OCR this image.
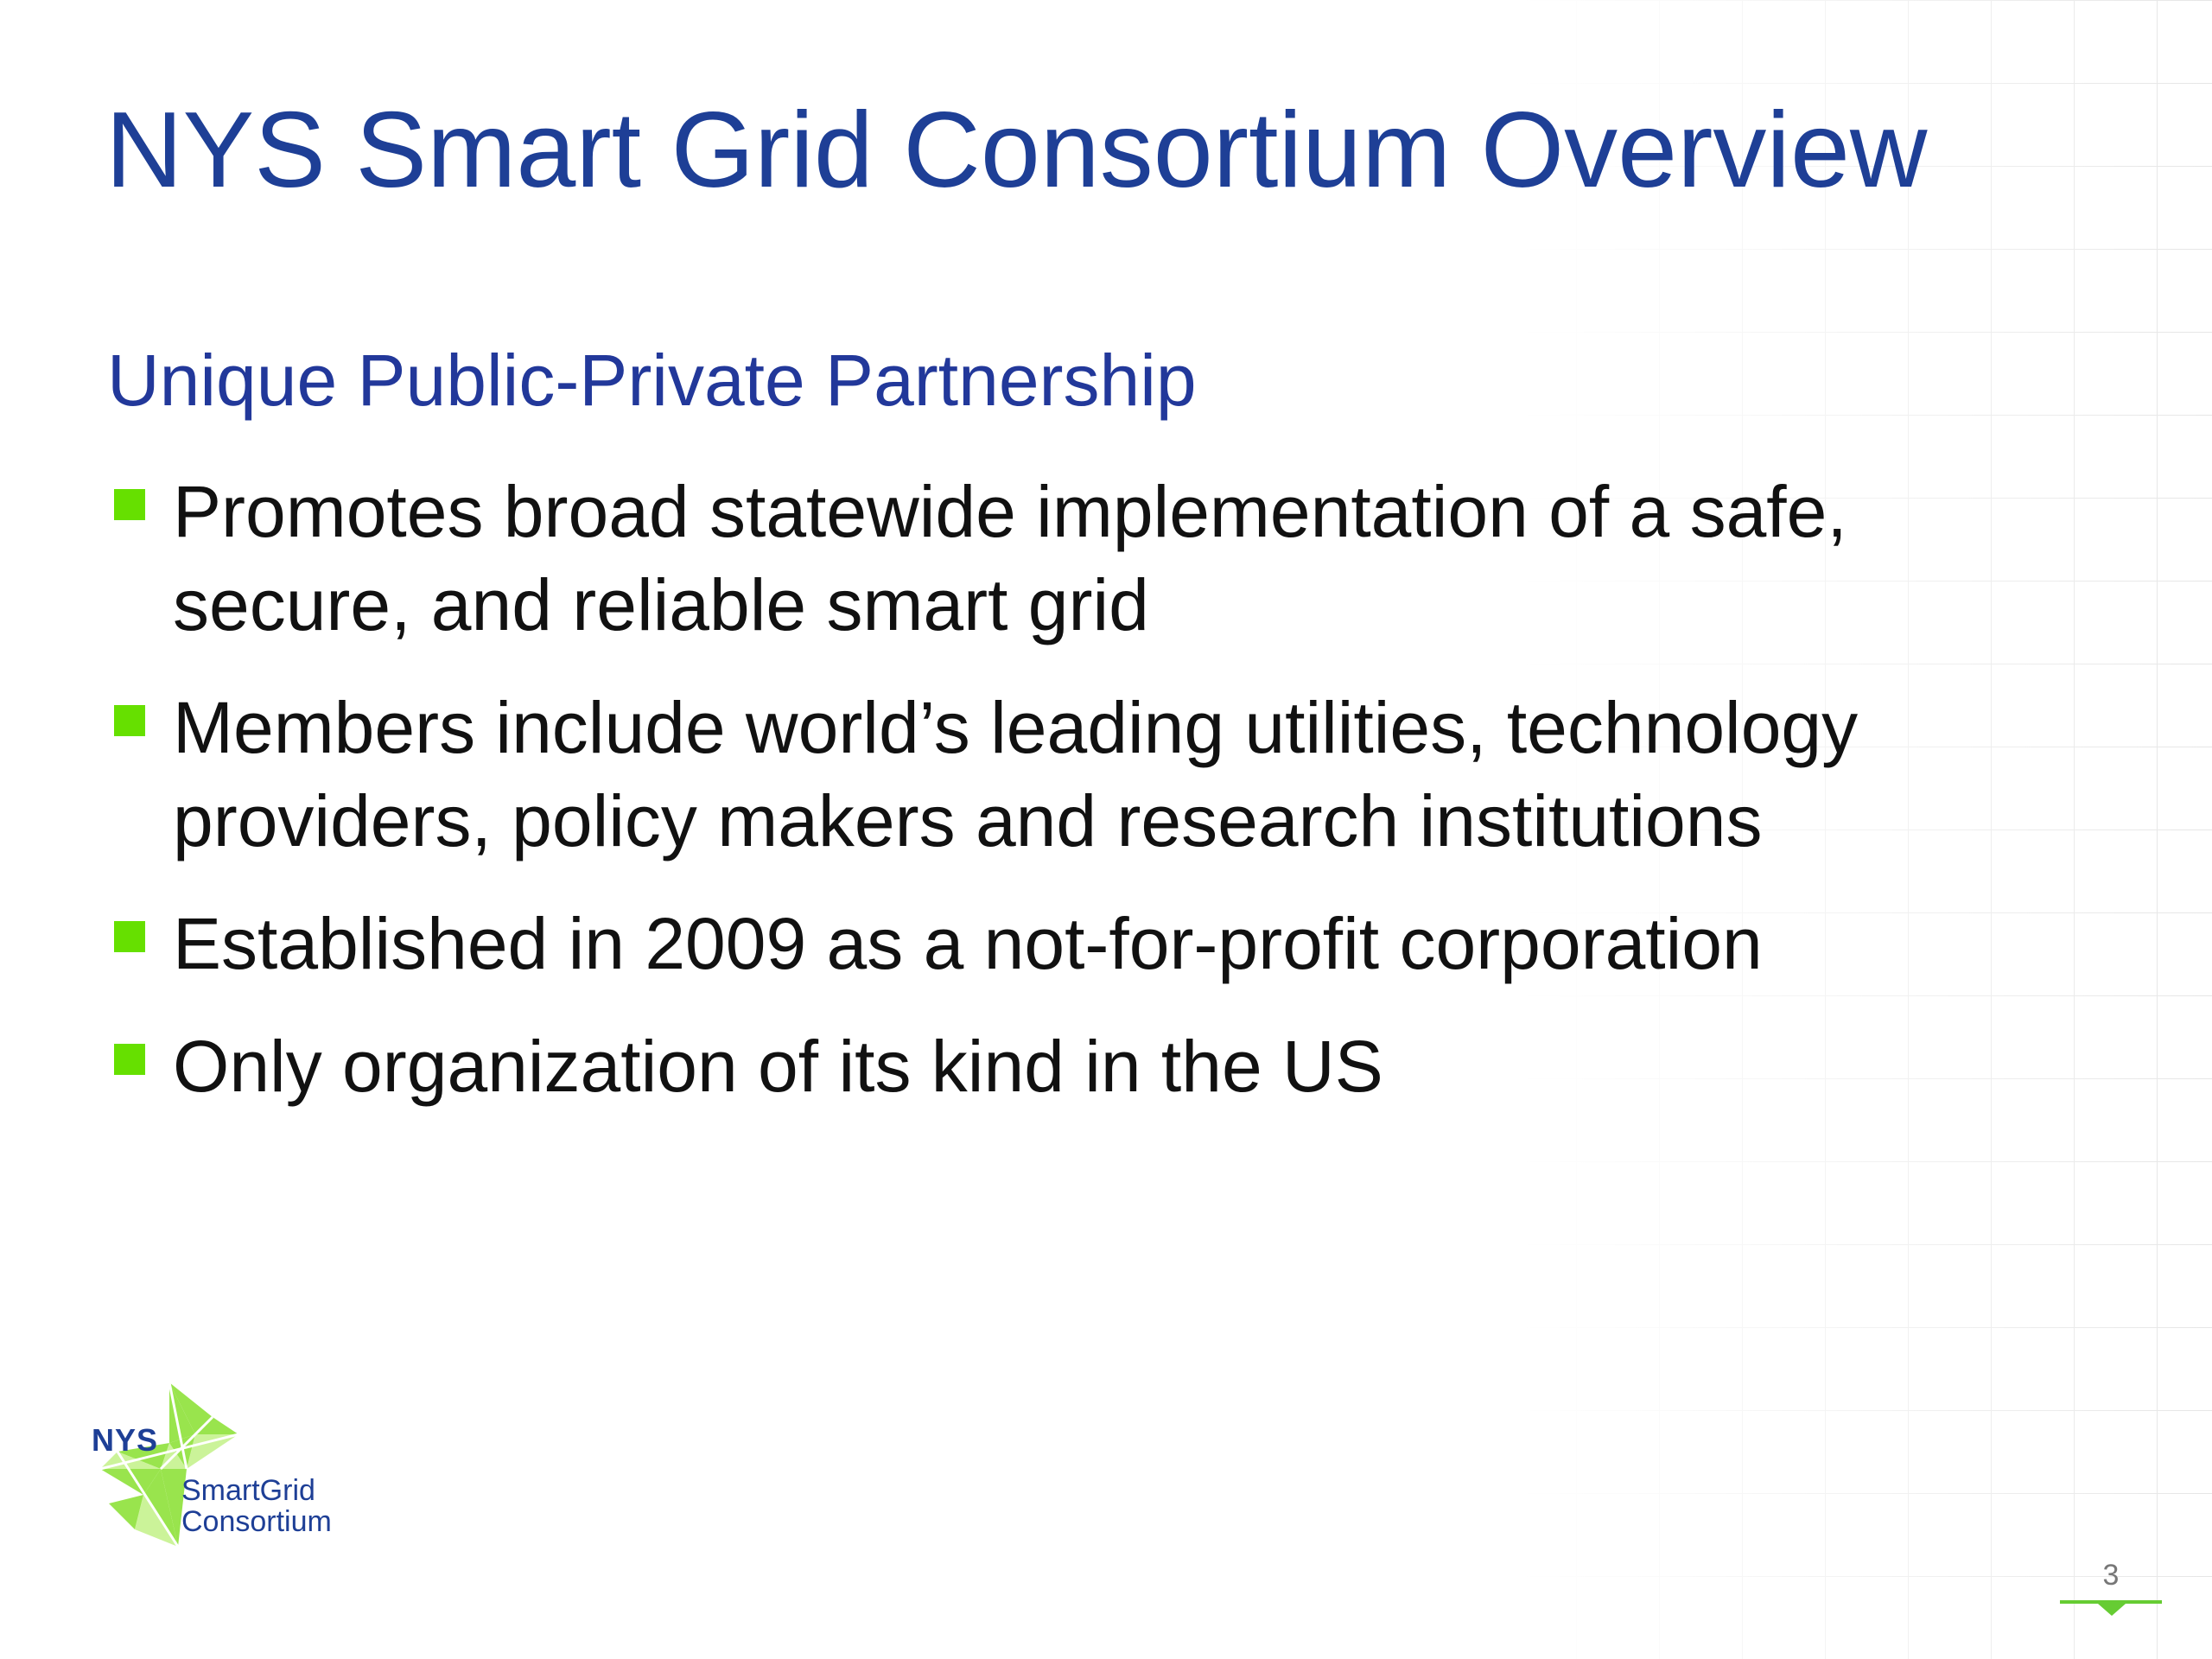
NYS Smart Grid Consortium Overview
Unique Public-Private Partnership
Promotes broad statewide implementation of a safe,
secure, and reliable smart grid
Members include world’s leading utilities, technology
providers, policy makers and research institutions
Established in 2009 as a not-for-profit corporation
Only organization of its kind in the US
NYS
SmartGrid
Consortium
3
